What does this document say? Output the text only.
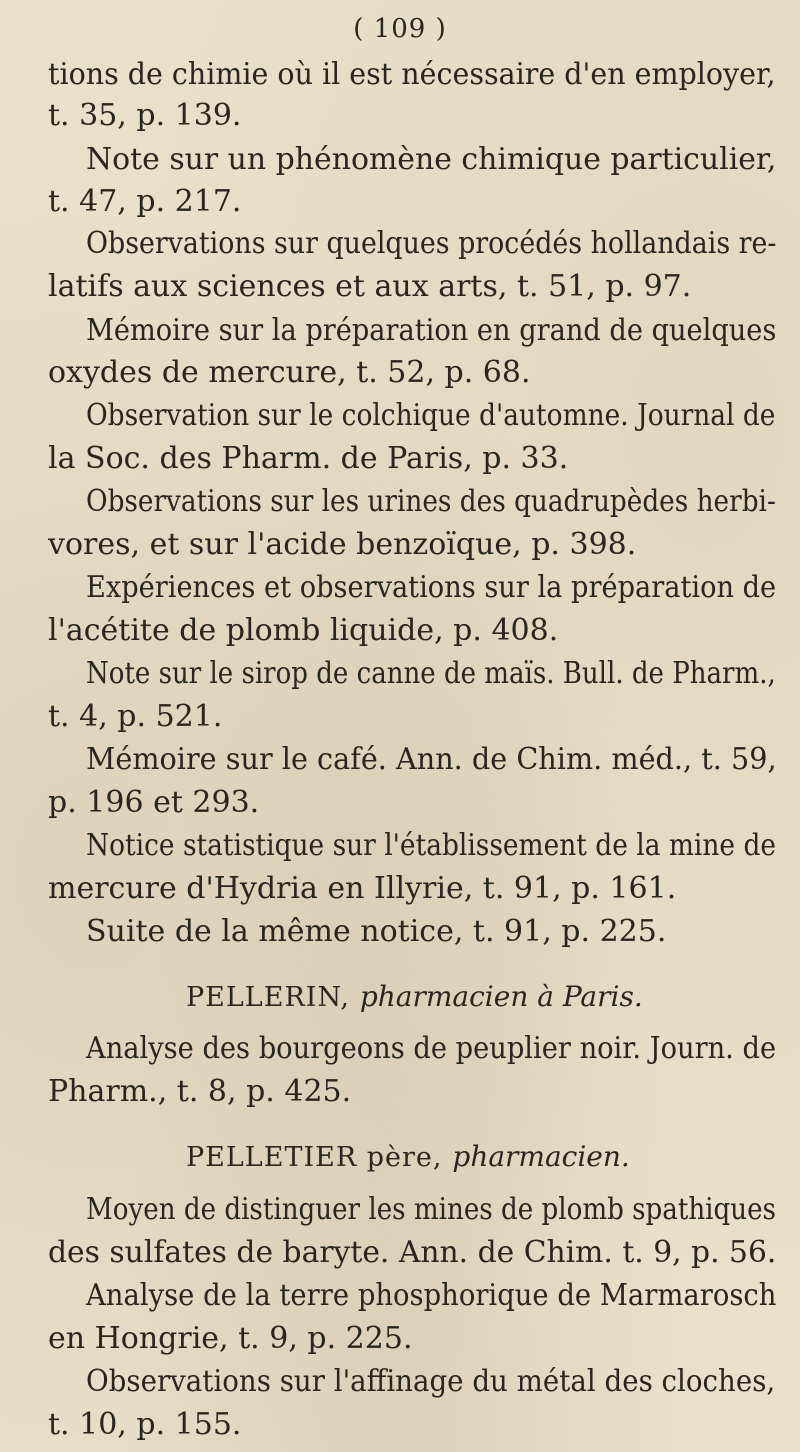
( 109 )
tions de chimie où il est nécessaire d'en employer,
t. 35, p. 139.
Note sur un phénomène chimique particulier,
t. 47, p. 217.
Observations sur quelques procédés hollandais re-
latifs aux sciences et aux arts, t. 51, p. 97.
Mémoire sur la préparation en grand de quelques
oxydes de mercure, t. 52, p. 68.
Observation sur le colchique d'automne. Journal de
la Soc. des Pharm. de Paris, p. 33.
Observations sur les urines des quadrupèdes herbi-
vores, et sur l'acide benzoïque, p. 398.
Expériences et observations sur la préparation de
l'acétite de plomb liquide, p. 408.
Note sur le sirop de canne de maïs. Bull. de Pharm.,
t. 4, p. 521.
Mémoire sur le café. Ann. de Chim. méd., t. 59,
p. 196 et 293.
Notice statistique sur l'établissement de la mine de
mercure d'Hydria en Illyrie, t. 91, p. 161.
Suite de la même notice, t. 91, p. 225.
PELLERIN, pharmacien à Paris.
Analyse des bourgeons de peuplier noir. Journ. de
Pharm., t. 8, p. 425.
PELLETIER père, pharmacien.
Moyen de distinguer les mines de plomb spathiques
des sulfates de baryte. Ann. de Chim. t. 9, p. 56.
Analyse de la terre phosphorique de Marmarosch
en Hongrie, t. 9, p. 225.
Observations sur l'affinage du métal des cloches,
t. 10, p. 155.
